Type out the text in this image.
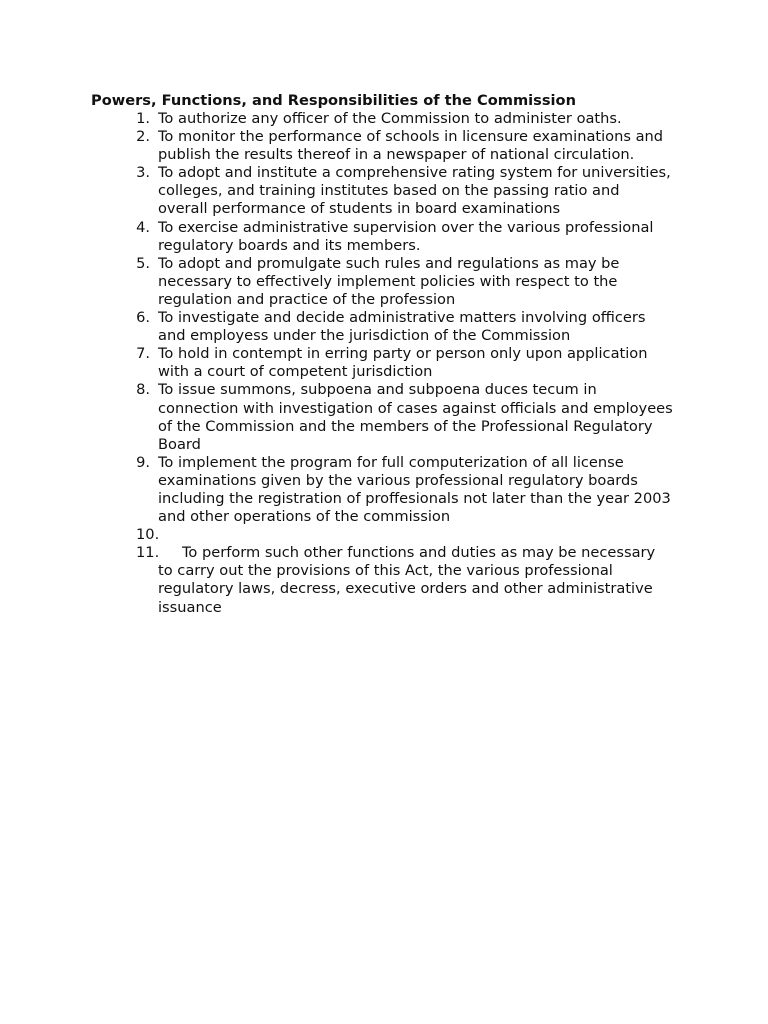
Powers, Functions, and Responsibilities of the Commission
1. To authorize any officer of the Commission to administer oaths.
2. To monitor the performance of schools in licensure examinations and publish the results thereof in a newspaper of national circulation.
3. To adopt and institute a comprehensive rating system for universities, colleges, and training institutes based on the passing ratio and overall performance of students in board examinations
4. To exercise administrative supervision over the various professional regulatory boards and its members.
5. To adopt and promulgate such rules and regulations as may be necessary to effectively implement policies with respect to the regulation and practice of the profession
6. To investigate and decide administrative matters involving officers and employess under the jurisdiction of the Commission
7. To hold in contempt in erring party or person only upon application with a court of competent jurisdiction
8. To issue summons, subpoena and subpoena duces tecum in connection with investigation of cases against officials and employees of the Commission and the members of the Professional Regulatory Board
9. To implement the program for full computerization of all license examinations given by the various professional regulatory boards including the registration of proffesionals not later than the year 2003 and other operations of the commission
10.
11.	To perform such other functions and duties as may be necessary to carry out the provisions of this Act, the various professional regulatory laws, decress, executive orders and other administrative issuance
